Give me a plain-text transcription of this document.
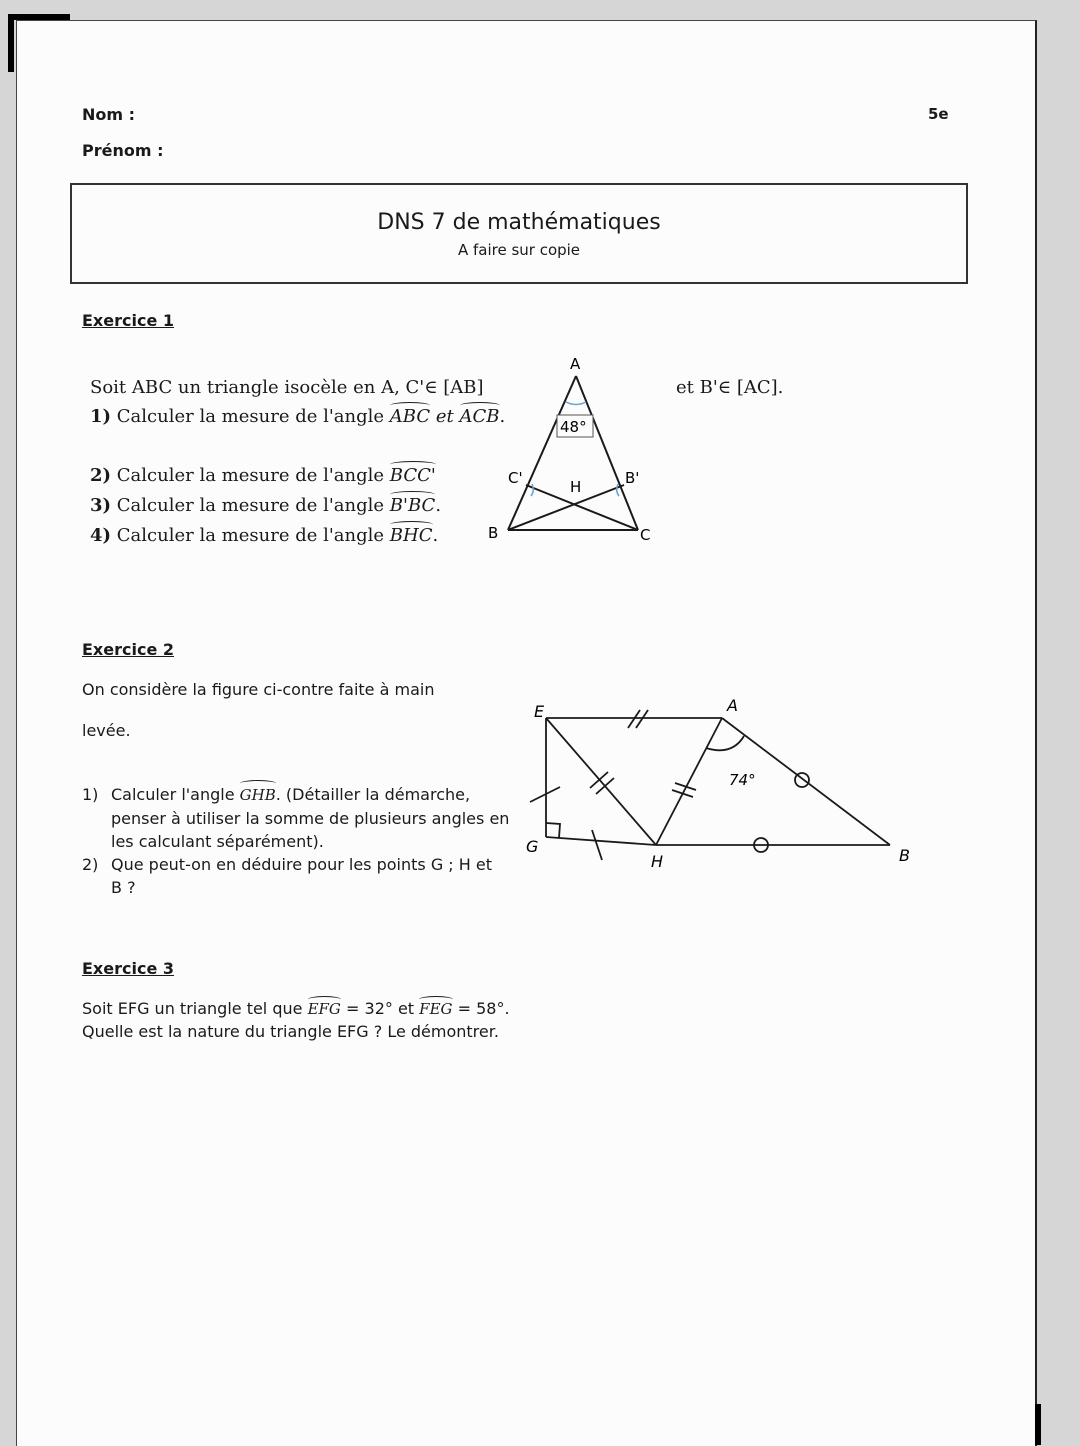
Nom :
Prénom :
5e
DNS 7 de mathématiques
A faire sur copie
Exercice 1
Soit ABC un triangle isocèle en A, C'∈ [AB]	et B'∈ [AC].
1) Calculer la mesure de l'angle ABC et ACB.
2) Calculer la mesure de l'angle BCC'
3) Calculer la mesure de l'angle B'BC.
4) Calculer la mesure de l'angle BHC.
48°
A
B	C
C'	B'
H
Exercice 2
On considère la figure ci-contre faite à main
levée.
1) Calculer l'angle GHB. (Détailler la démarche, penser à utiliser la somme de plusieurs angles en les calculant séparément).
2) Que peut-on en déduire pour les points G ; H et B ?
E	A
G
H	B
74°
Exercice 3
Soit EFG un triangle tel que EFG = 32° et FEG = 58°.
Quelle est la nature du triangle EFG ? Le démontrer.
